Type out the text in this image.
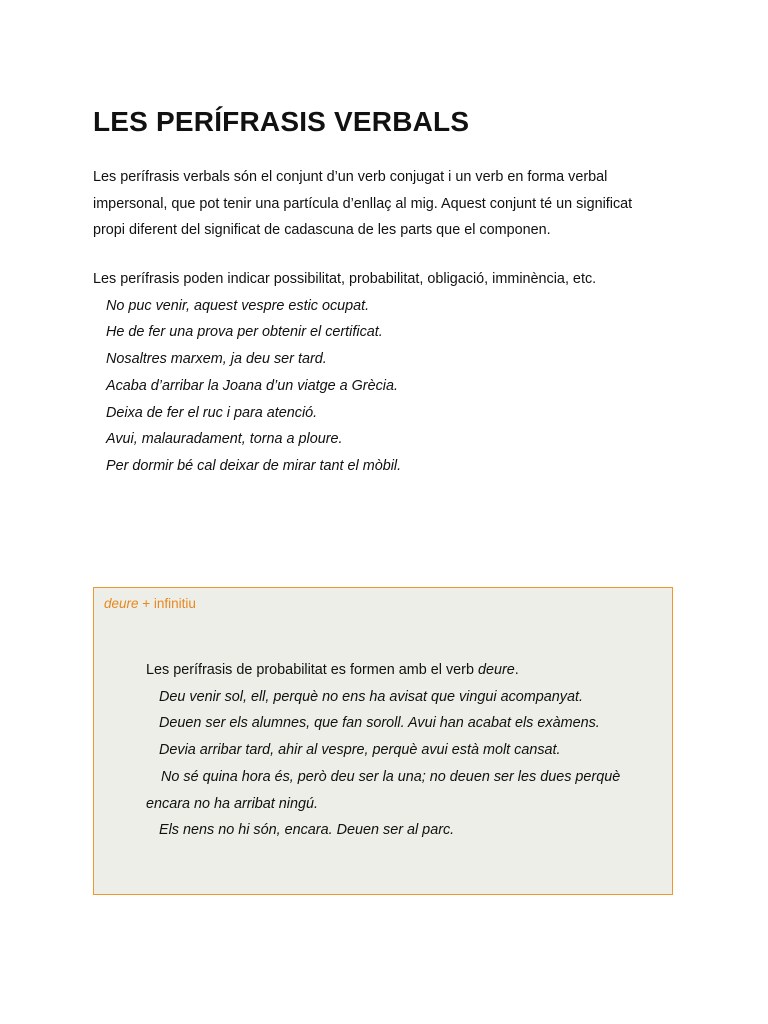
LES PERÍFRASIS VERBALS
Les perífrasis verbals són el conjunt d’un verb conjugat i un verb en forma verbal
impersonal, que pot tenir una partícula d’enllaç al mig. Aquest conjunt té un significat
propi diferent del significat de cadascuna de les parts que el componen.
Les perífrasis poden indicar possibilitat, probabilitat, obligació, imminència, etc.
No puc venir, aquest vespre estic ocupat.
He de fer una prova per obtenir el certificat.
Nosaltres marxem, ja deu ser tard.
Acaba d’arribar la Joana d’un viatge a Grècia.
Deixa de fer el ruc i para atenció.
Avui, malauradament, torna a ploure.
Per dormir bé cal deixar de mirar tant el mòbil.
deure + infinitiu
Les perífrasis de probabilitat es formen amb el verb deure.
Deu venir sol, ell, perquè no ens ha avisat que vingui acompanyat.
Deuen ser els alumnes, que fan soroll. Avui han acabat els exàmens.
Devia arribar tard, ahir al vespre, perquè avui està molt cansat.
No sé quina hora és, però deu ser la una; no deuen ser les dues perquè
encara no ha arribat ningú.
Els nens no hi són, encara. Deuen ser al parc.
